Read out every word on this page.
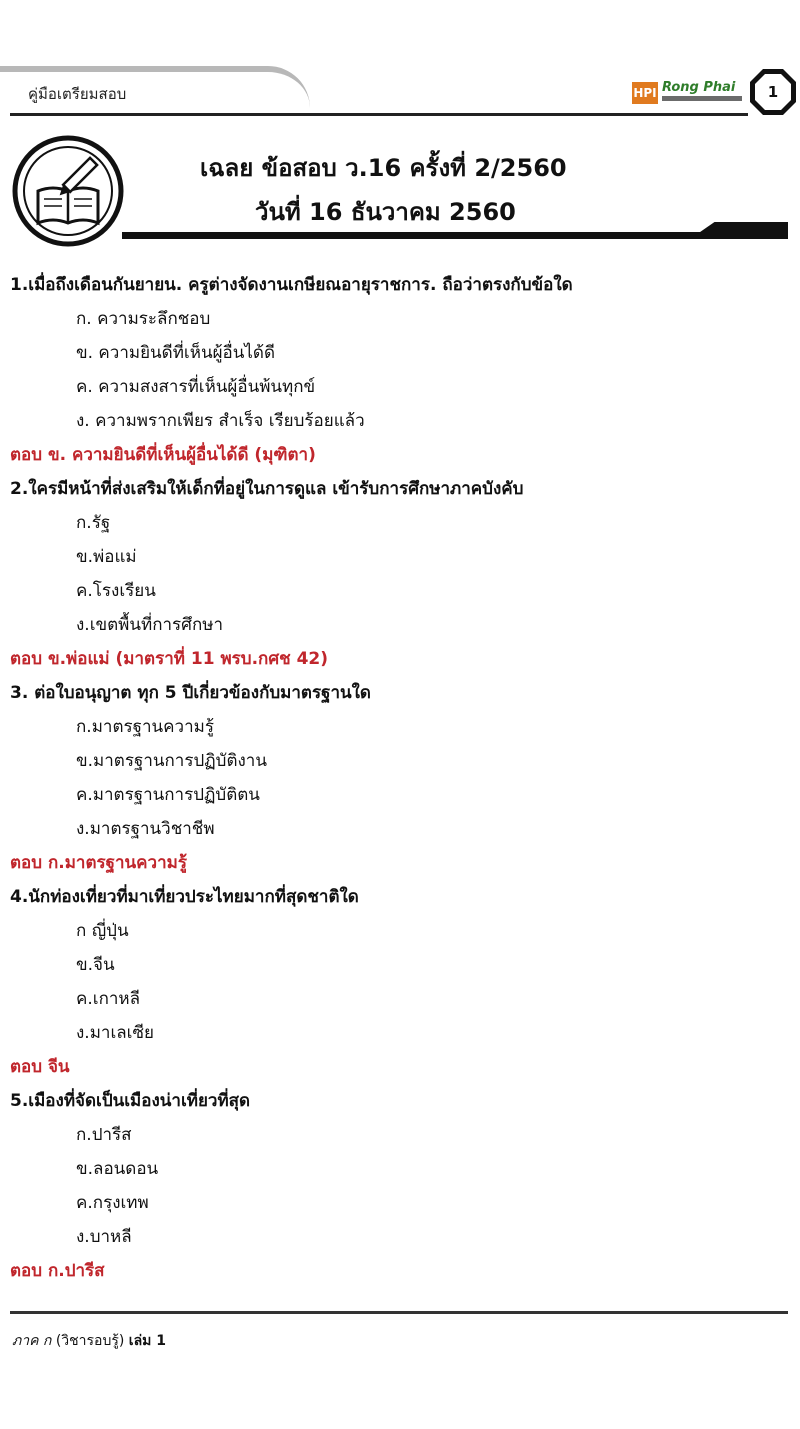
คู่มือเตรียมสอบ	HPI Rong Phai	1
เฉลย ข้อสอบ ว.16 ครั้งที่ 2/2560
วันที่ 16 ธันวาคม 2560
1.เมื่อถึงเดือนกันยายน. ครูต่างจัดงานเกษียณอายุราชการ. ถือว่าตรงกับข้อใด
ก. ความระลึกชอบ
ข. ความยินดีที่เห็นผู้อื่นได้ดี
ค. ความสงสารที่เห็นผู้อื่นพ้นทุกข์
ง. ความพรากเพียร สำเร็จ เรียบร้อยแล้ว
ตอบ ข. ความยินดีที่เห็นผู้อื่นได้ดี (มุฑิตา)
2.ใครมีหน้าที่ส่งเสริมให้เด็กที่อยู่ในการดูแล เข้ารับการศึกษาภาคบังคับ
ก.รัฐ
ข.พ่อแม่
ค.โรงเรียน
ง.เขตพื้นที่การศึกษา
ตอบ ข.พ่อแม่ (มาตราที่ 11 พรบ.กศช 42)
3. ต่อใบอนุญาต ทุก 5 ปีเกี่ยวข้องกับมาตรฐานใด
ก.มาตรฐานความรู้
ข.มาตรฐานการปฏิบัติงาน
ค.มาตรฐานการปฏิบัติตน
ง.มาตรฐานวิชาชีพ
ตอบ ก.มาตรฐานความรู้
4.นักท่องเที่ยวที่มาเที่ยวประไทยมากที่สุดชาติใด
ก ญี่ปุ่น
ข.จีน
ค.เกาหลี
ง.มาเลเซีย
ตอบ จีน
5.เมืองที่จัดเป็นเมืองน่าเที่ยวที่สุด
ก.ปารีส
ข.ลอนดอน
ค.กรุงเทพ
ง.บาหลี
ตอบ ก.ปารีส
ภาค ก (วิชารอบรู้) เล่ม 1
